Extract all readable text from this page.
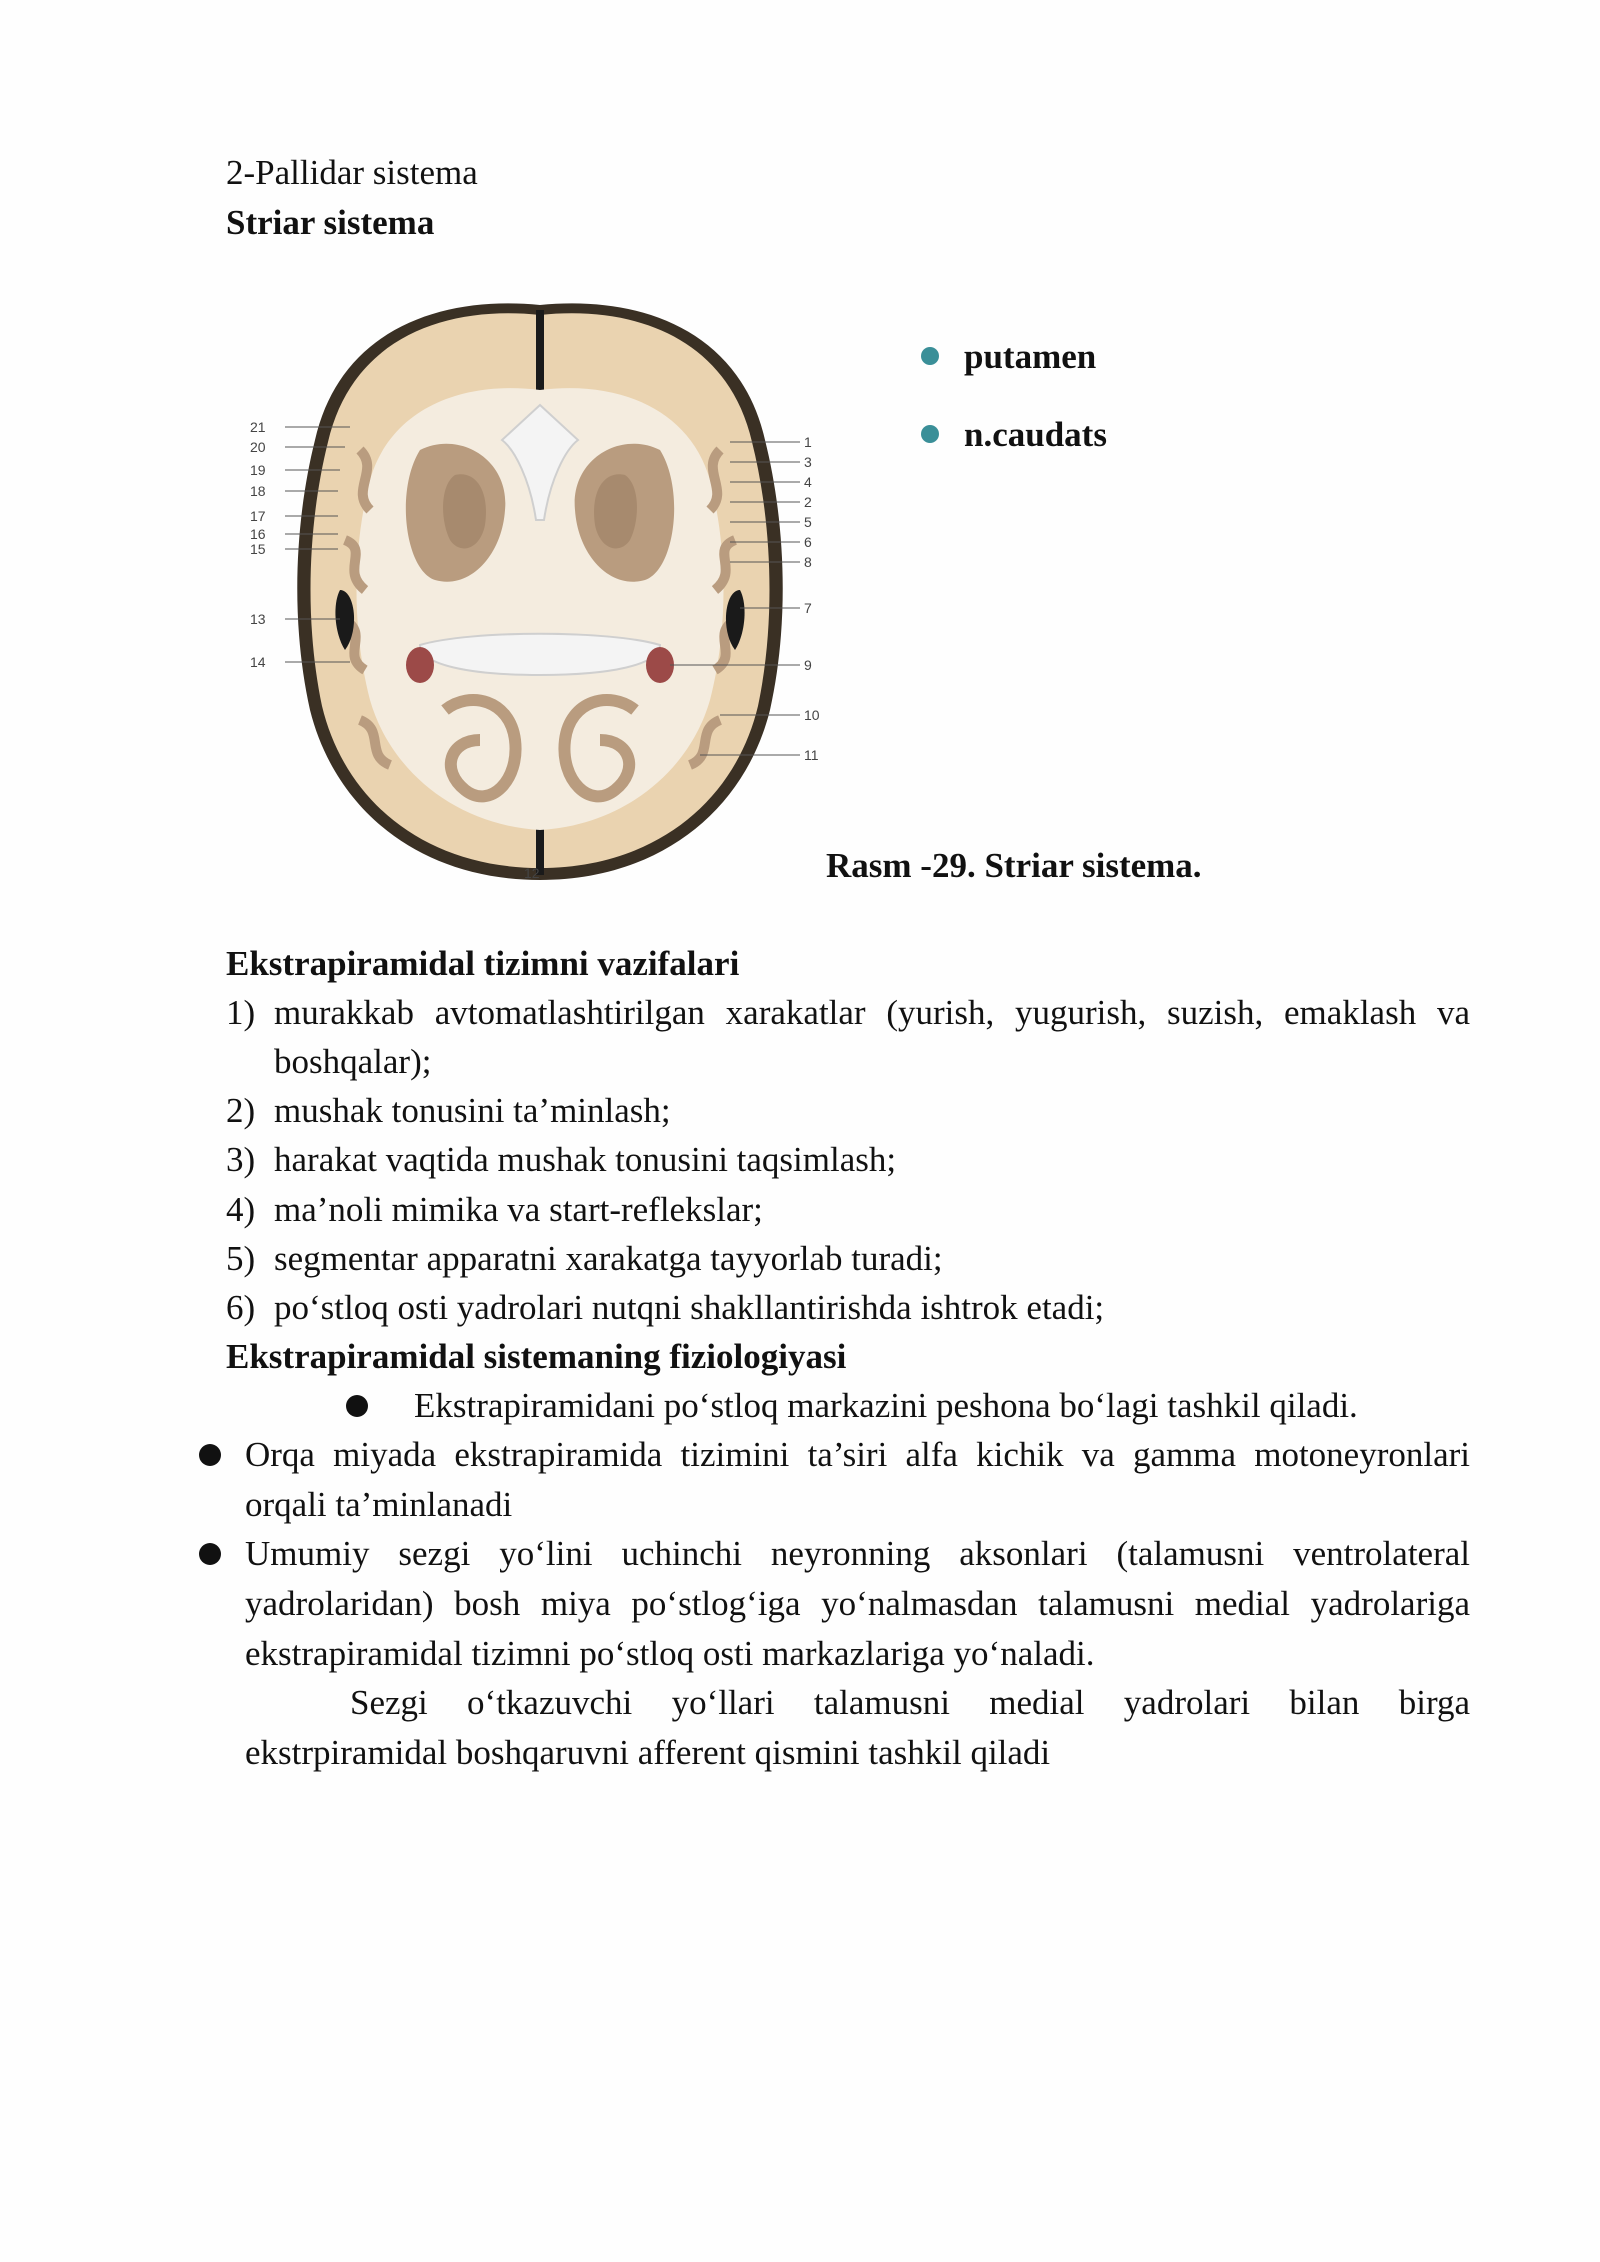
2-Pallidar sistema
Striar sistema
21
20
19
18
17
16
15
13
14
1
3
4
2
5
6
8
7
9
10
11
12
putamen
n.caudats
Rasm -29. Striar sistema.
Ekstrapiramidal tizimni vazifalari
1) murakkab avtomatlashtirilgan xarakatlar (yurish, yugurish, suzish, emaklash va
boshqalar);
2) mushak tonusini ta’minlash;
3) harakat vaqtida mushak tonusini taqsimlash;
4) ma’noli mimika va start-reflekslar;
5) segmentar apparatni xarakatga tayyorlab turadi;
6) po‘stloq osti yadrolari nutqni shakllantirishda ishtrok etadi;
Ekstrapiramidal sistemaning fiziologiyasi
Ekstrapiramidani po‘stloq markazini peshona bo‘lagi tashkil qiladi.
Orqa miyada ekstrapiramida tizimini ta’siri alfa kichik va gamma motoneyronlari
orqali ta’minlanadi
Umumiy sezgi yo‘lini uchinchi neyronning aksonlari (talamusni ventrolateral
yadrolaridan) bosh miya po‘stlog‘iga yo‘nalmasdan talamusni medial yadrolariga
ekstrapiramidal tizimni po‘stloq osti markazlariga yo‘naladi.
Sezgi o‘tkazuvchi yo‘llari talamusni medial yadrolari bilan birga
ekstrpiramidal boshqaruvni afferent qismini tashkil qiladi
